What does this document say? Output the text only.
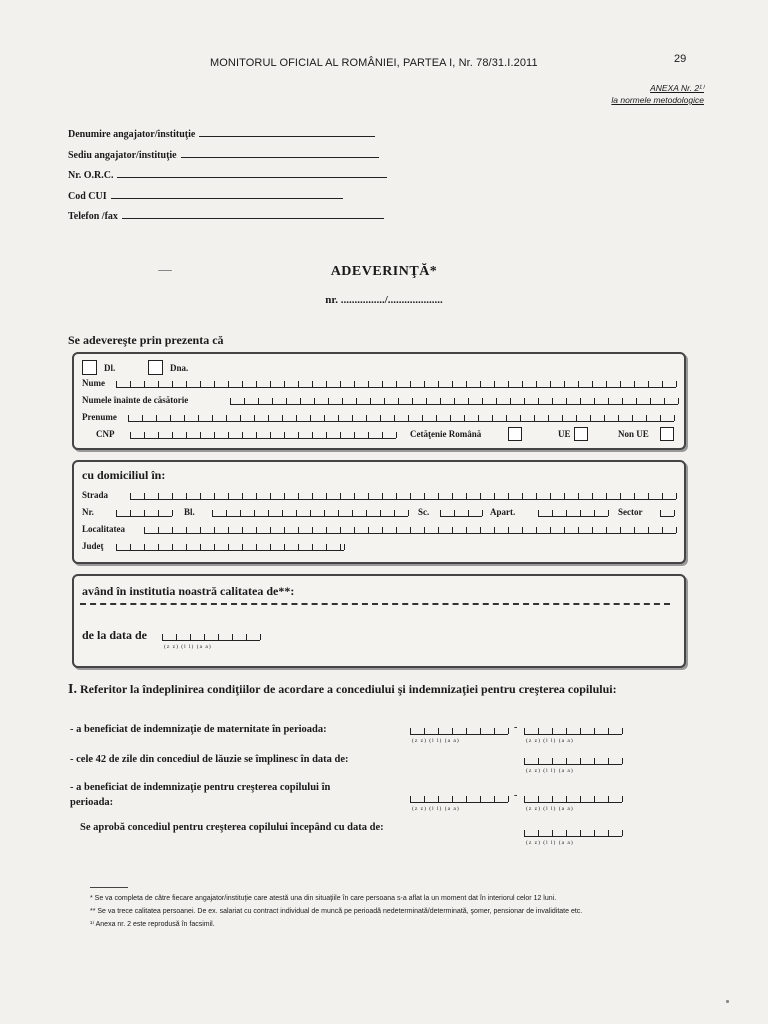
MONITORUL OFICIAL AL ROMÂNIEI, PARTEA I, Nr. 78/31.I.2011	29
ANEXA Nr. 2¹⁾
la normele metodologice
Denumire angajator/instituţie
Sediu angajator/instituţie
Nr. O.R.C.
Cod CUI
Telefon /fax
ADEVERINŢĂ*
nr. ................/....................
Se adevereşte prin prezenta că
Dl.	Dna.
Nume
Numele înainte de căsătorie
Prenume
CNP	Cetăţenie Română	UE	Non UE
cu domiciliul în:
Strada
Nr.	Bl.	Sc.	Apart.	Sector
Localitatea
Judeţ
având în institutia noastră calitatea de**:
de la data de
(z z) (l l) (a a)
I. Referitor la îndeplinirea condiţiilor de acordare a concediului şi indemnizaţiei pentru creşterea copilului:
- a beneficiat de indemnizaţie de maternitate în perioada:	-
(z z) (l l) (a a)	(z z) (l l) (a a)
- cele 42 de zile din concediul de lăuzie se împlinesc în data de:
(z z) (l l) (a a)
- a beneficiat de indemnizaţie pentru creşterea copilului în
perioada:
-
(z z) (l l) (a a)	(z z) (l l) (a a)
Se aprobă concediul pentru creşterea copilului începând cu data de:
(z z) (l l) (a a)
* Se va completa de către fiecare angajator/instituţie care atestă una din situaţiile în care persoana s-a aflat la un moment dat în interiorul celor 12 luni.
** Se va trece calitatea persoanei. De ex. salariat cu contract individual de muncă pe perioadă nedeterminată/determinată, şomer, pensionar de invaliditate etc.
¹⁾ Anexa nr. 2 este reprodusă în facsimil.
